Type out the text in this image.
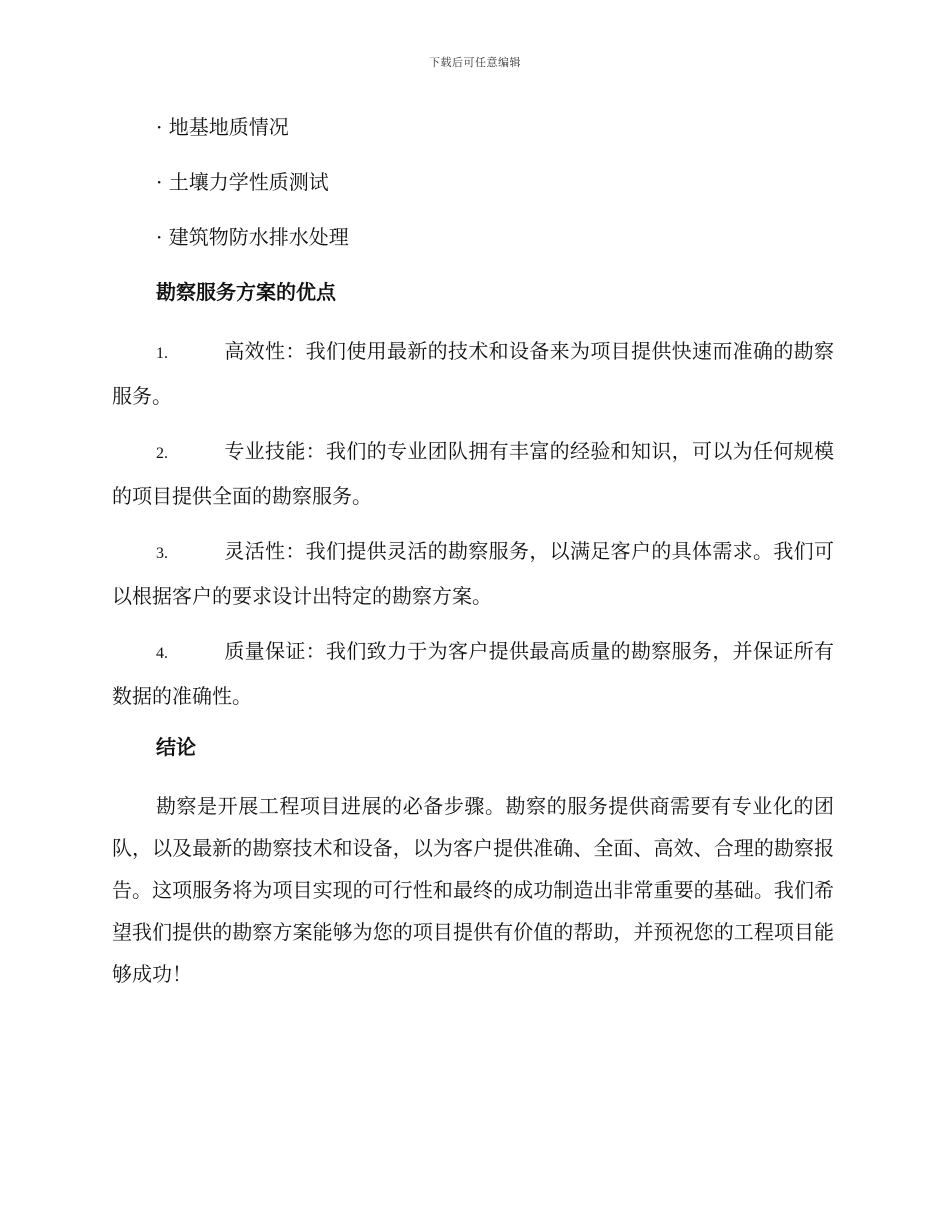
下载后可任意编辑
· 地基地质情况
· 土壤力学性质测试
· 建筑物防水排水处理
勘察服务方案的优点
1.	高效性：我们使用最新的技术和设备来为项目提供快速而准确的勘察服务。
2.	专业技能：我们的专业团队拥有丰富的经验和知识，可以为任何规模的项目提供全面的勘察服务。
3.	灵活性：我们提供灵活的勘察服务，以满足客户的具体需求。我们可以根据客户的要求设计出特定的勘察方案。
4.	质量保证：我们致力于为客户提供最高质量的勘察服务，并保证所有数据的准确性。
结论
勘察是开展工程项目进展的必备步骤。勘察的服务提供商需要有专业化的团队，以及最新的勘察技术和设备，以为客户提供准确、全面、高效、合理的勘察报告。这项服务将为项目实现的可行性和最终的成功制造出非常重要的基础。我们希望我们提供的勘察方案能够为您的项目提供有价值的帮助，并预祝您的工程项目能够成功！
